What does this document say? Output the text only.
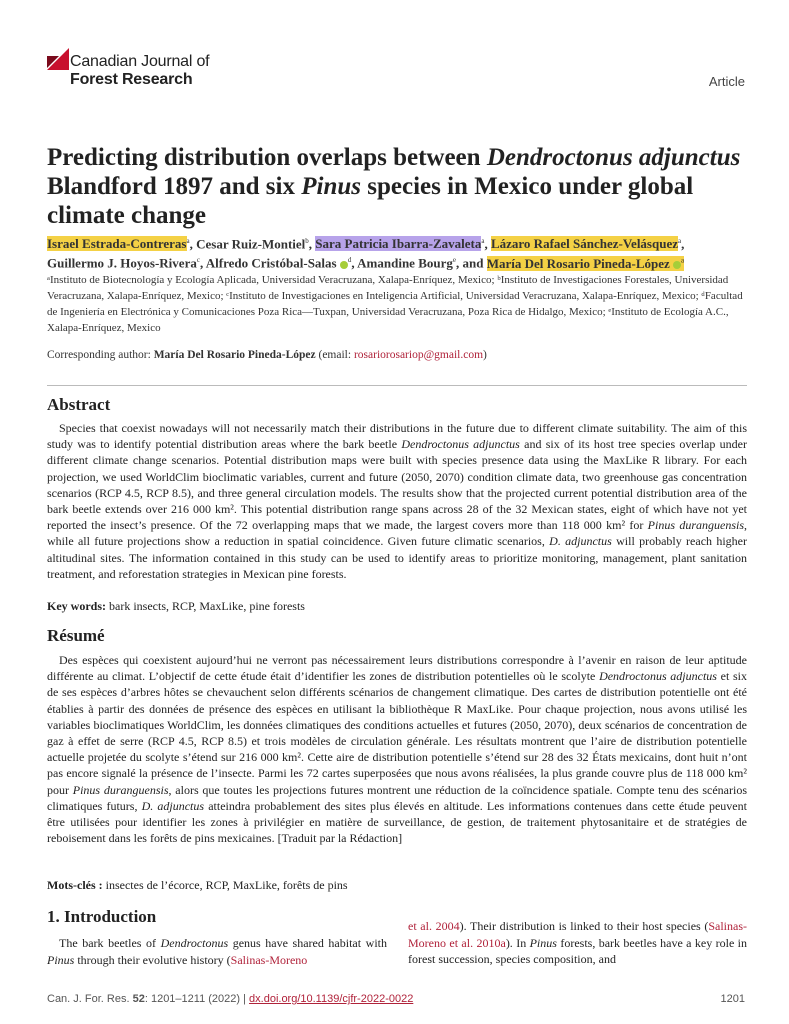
Canadian Journal of
Forest Research	Article
Predicting distribution overlaps between Dendroctonus adjunctus Blandford 1897 and six Pinus species in Mexico under global climate change
Israel Estrada-Contreras$^a$, Cesar Ruiz-Montiel$^b$, Sara Patricia Ibarra-Zavaleta$^a$, Lázaro Rafael Sánchez-Velásquez$^a$,
Guillermo J. Hoyos-Rivera$^c$, Alfredo Cristóbal-Salas $^d$, Amandine Bourg$^e$, and María Del Rosario Pineda-López $^a$
ᵃInstituto de Biotecnología y Ecología Aplicada, Universidad Veracruzana, Xalapa-Enríquez, Mexico; ᵇInstituto de Investigaciones Forestales, Universidad Veracruzana, Xalapa-Enríquez, Mexico; ᶜInstituto de Investigaciones en Inteligencia Artificial, Universidad Veracruzana, Xalapa-Enríquez, Mexico; ᵈFacultad de Ingeniería en Electrónica y Comunicaciones Poza Rica—Tuxpan, Universidad Veracruzana, Poza Rica de Hidalgo, Mexico; ᵉInstituto de Ecología A.C., Xalapa-Enríquez, Mexico
Corresponding author: María Del Rosario Pineda-López (email: rosariorosariop@gmail.com)
Abstract

Species that coexist nowadays will not necessarily match their distributions in the future due to different climate suitability. The aim of this study was to identify potential distribution areas where the bark beetle Dendroctonus adjunctus and six of its host tree species overlap under different climate change scenarios. Potential distribution maps were built with species presence data using the MaxLike R library. For each projection, we used WorldClim bioclimatic variables, current and future (2050, 2070) condition climate data, two greenhouse gas concentration scenarios (RCP 4.5, RCP 8.5), and three general circulation models. The results show that the projected current potential distribution area of the bark beetle extends over 216 000 km². This potential distribution range spans across 28 of the 32 Mexican states, eight of which have not yet reported the insect’s presence. Of the 72 overlapping maps that we made, the largest covers more than 118 000 km² for Pinus duranguensis, while all future projections show a reduction in spatial coincidence. Given future climatic scenarios, D. adjunctus will probably reach higher altitudinal sites. The information contained in this study can be used to identify areas to prioritize monitoring, management, plant sanitation treatment, and reforestation strategies in Mexican pine forests.

Key words: bark insects, RCP, MaxLike, pine forests
Résumé

Des espèces qui coexistent aujourd’hui ne verront pas nécessairement leurs distributions correspondre à l’avenir en raison de leur aptitude différente au climat. L’objectif de cette étude était d’identifier les zones de distribution potentielles où le scolyte Dendroctonus adjunctus et six de ses espèces d’arbres hôtes se chevauchent selon différents scénarios de changement climatique. Des cartes de distribution potentielle ont été établies à partir des données de présence des espèces en utilisant la bibliothèque R MaxLike. Pour chaque projection, nous avons utilisé les variables bioclimatiques WorldClim, les données climatiques des conditions actuelles et futures (2050, 2070), deux scénarios de concentration de gaz à effet de serre (RCP 4.5, RCP 8.5) et trois modèles de circulation générale. Les résultats montrent que l’aire de distribution potentielle actuelle projetée du scolyte s’étend sur 216 000 km². Cette aire de distribution potentielle s’étend sur 28 des 32 États mexicains, dont huit n’ont pas encore signalé la présence de l’insecte. Parmi les 72 cartes superposées que nous avons réalisées, la plus grande couvre plus de 118 000 km² pour Pinus duranguensis, alors que toutes les projections futures montrent une réduction de la coïncidence spatiale. Compte tenu des scénarios climatiques futurs, D. adjunctus atteindra probablement des sites plus élevés en altitude. Les informations contenues dans cette étude peuvent être utilisées pour identifier les zones à privilégier en matière de surveillance, de gestion, de traitement phytosanitaire et de stratégies de reboisement dans les forêts de pins mexicaines. [Traduit par la Rédaction]

Mots-clés : insectes de l’écorce, RCP, MaxLike, forêts de pins
1. Introduction
The bark beetles of Dendroctonus genus have shared habitat with Pinus through their evolutive history (Salinas-Moreno
et al. 2004). Their distribution is linked to their host species (Salinas-Moreno et al. 2010a). In Pinus forests, bark beetles have a key role in forest succession, species composition, and
Can. J. For. Res. 52: 1201–1211 (2022) | dx.doi.org/10.1139/cjfr-2022-0022	1201
